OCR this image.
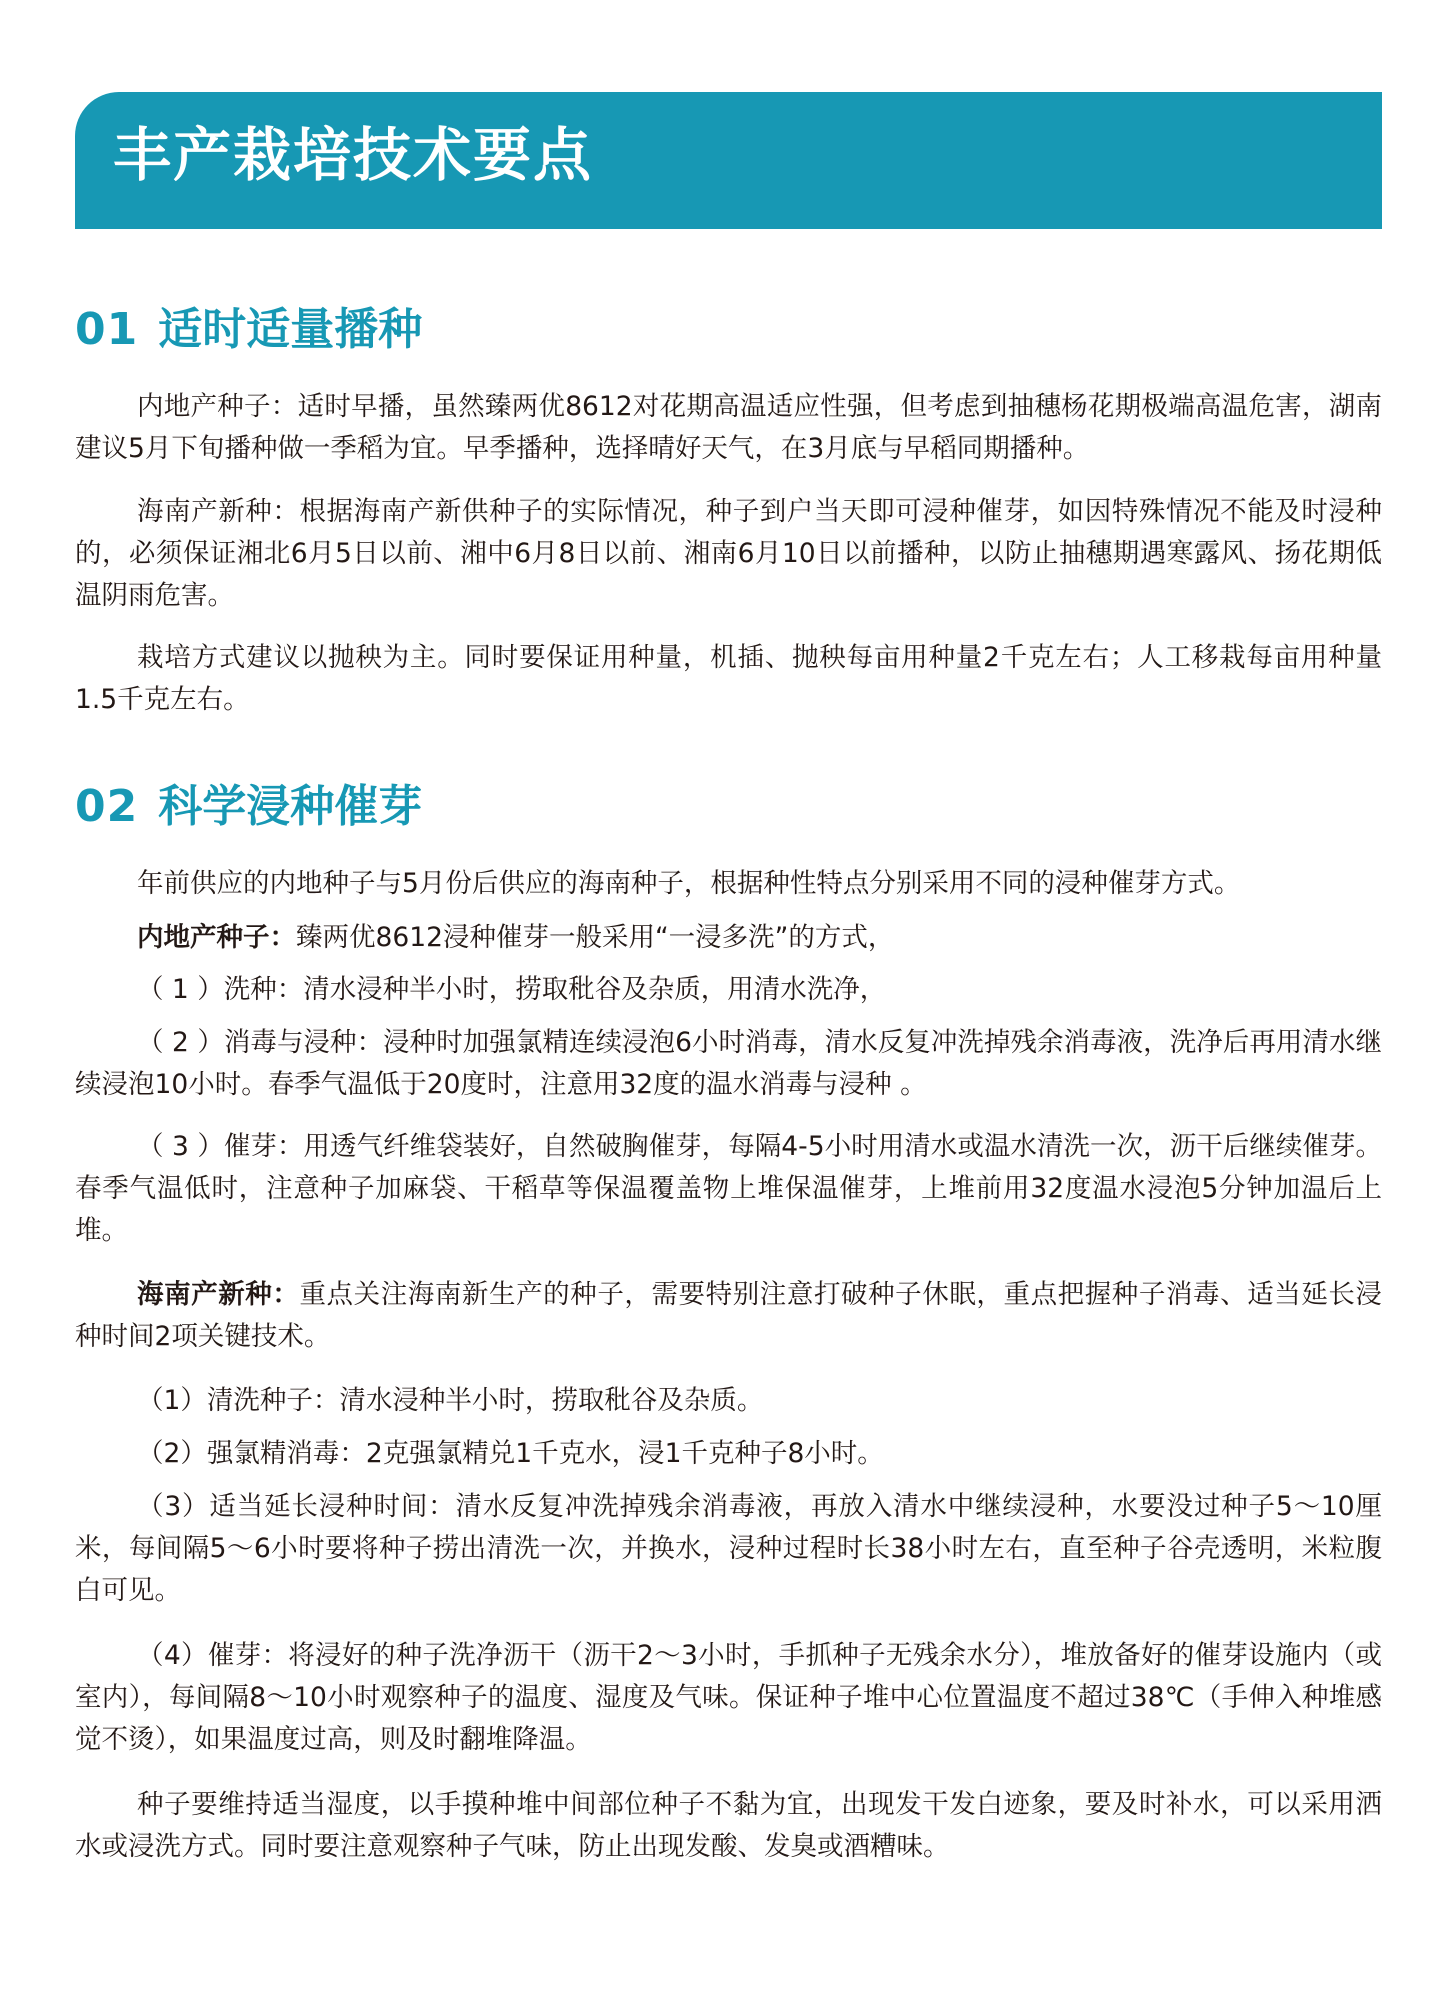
丰产栽培技术要点
01 适时适量播种

内地产种子：适时早播，虽然臻两优8612对花期高温适应性强，但考虑到抽穗杨花期极端高温危害，湖南建议5月下旬播种做一季稻为宜。早季播种，选择晴好天气，在3月底与早稻同期播种。

海南产新种：根据海南产新供种子的实际情况，种子到户当天即可浸种催芽，如因特殊情况不能及时浸种的，必须保证湘北6月5日以前、湘中6月8日以前、湘南6月10日以前播种，以防止抽穗期遇寒露风、扬花期低温阴雨危害。

栽培方式建议以抛秧为主。同时要保证用种量，机插、抛秧每亩用种量2千克左右；人工移栽每亩用种量1.5千克左右。

02 科学浸种催芽

年前供应的内地种子与5月份后供应的海南种子，根据种性特点分别采用不同的浸种催芽方式。

内地产种子：臻两优8612浸种催芽一般采用“一浸多洗”的方式，

（ 1 ）洗种：清水浸种半小时，捞取秕谷及杂质，用清水洗净，

（ 2 ）消毒与浸种：浸种时加强氯精连续浸泡6小时消毒，清水反复冲洗掉残余消毒液，洗净后再用清水继续浸泡10小时。春季气温低于20度时，注意用32度的温水消毒与浸种 。

（ 3 ）催芽：用透气纤维袋装好，自然破胸催芽，每隔4-5小时用清水或温水清洗一次，沥干后继续催芽。春季气温低时，注意种子加麻袋、干稻草等保温覆盖物上堆保温催芽，上堆前用32度温水浸泡5分钟加温后上堆。

海南产新种：重点关注海南新生产的种子，需要特别注意打破种子休眠，重点把握种子消毒、适当延长浸种时间2项关键技术。

（1）清洗种子：清水浸种半小时，捞取秕谷及杂质。

（2）强氯精消毒：2克强氯精兑1千克水，浸1千克种子8小时。

（3）适当延长浸种时间：清水反复冲洗掉残余消毒液，再放入清水中继续浸种，水要没过种子5～10厘米，每间隔5～6小时要将种子捞出清洗一次，并换水，浸种过程时长38小时左右，直至种子谷壳透明，米粒腹白可见。

（4）催芽：将浸好的种子洗净沥干（沥干2～3小时，手抓种子无残余水分），堆放备好的催芽设施内（或室内），每间隔8～10小时观察种子的温度、湿度及气味。保证种子堆中心位置温度不超过38℃（手伸入种堆感觉不烫），如果温度过高，则及时翻堆降温。

种子要维持适当湿度，以手摸种堆中间部位种子不黏为宜，出现发干发白迹象，要及时补水，可以采用洒水或浸洗方式。同时要注意观察种子气味，防止出现发酸、发臭或酒糟味。
